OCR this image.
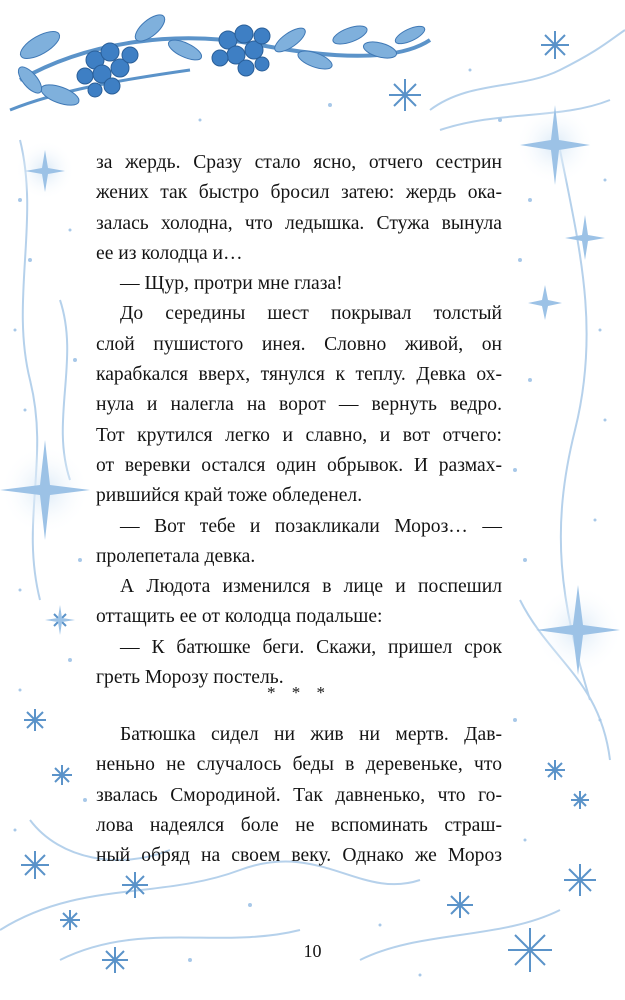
за жердь. Сразу стало ясно, отчего сестрин
жених так быстро бросил затею: жердь ока-
залась холодна, что ледышка. Стужа вынула
ее из колодца и…
— Щур, протри мне глаза!
До середины шест покрывал толстый
слой пушистого инея. Словно живой, он
карабкался вверх, тянулся к теплу. Девка ох-
нула и налегла на ворот — вернуть ведро.
Тот крутился легко и славно, и вот отчего:
от веревки остался один обрывок. И размах-
рившийся край тоже обледенел.
— Вот тебе и позакликали Мороз… —
пролепетала девка.
А Людота изменился в лице и поспешил
оттащить ее от колодца подальше:
— К батюшке беги. Скажи, пришел срок
греть Морозу постель.
* * *
Батюшка сидел ни жив ни мертв. Дав-
неньно не случалось беды в деревеньке, что
звалась Смородиной. Так давненько, что го-
лова надеялся боле не вспоминать страш-
ный обряд на своем веку. Однако же Мороз
10
